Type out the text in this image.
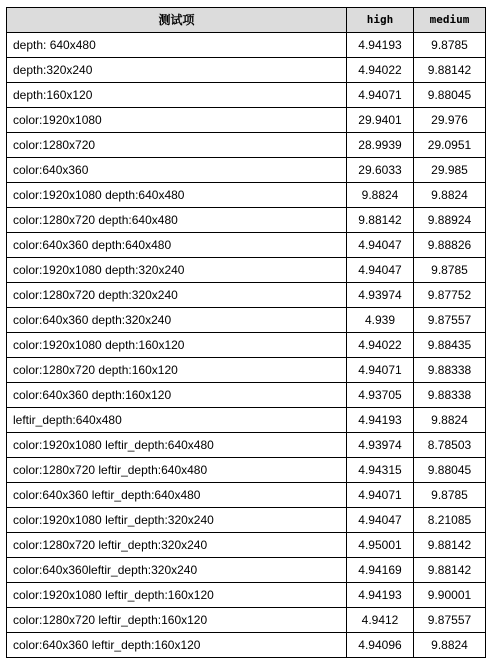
测试项	high	medium
depth: 640x480	4.94193	9.8785
depth:320x240	4.94022	9.88142
depth:160x120	4.94071	9.88045
color:1920x1080	29.9401	29.976
color:1280x720	28.9939	29.0951
color:640x360	29.6033	29.985
color:1920x1080 depth:640x480	9.8824	9.8824
color:1280x720 depth:640x480	9.88142	9.88924
color:640x360 depth:640x480	4.94047	9.88826
color:1920x1080 depth:320x240	4.94047	9.8785
color:1280x720 depth:320x240	4.93974	9.87752
color:640x360 depth:320x240	4.939	9.87557
color:1920x1080 depth:160x120	4.94022	9.88435
color:1280x720 depth:160x120	4.94071	9.88338
color:640x360 depth:160x120	4.93705	9.88338
leftir_depth:640x480	4.94193	9.8824
color:1920x1080 leftir_depth:640x480	4.93974	8.78503
color:1280x720 leftir_depth:640x480	4.94315	9.88045
color:640x360 leftir_depth:640x480	4.94071	9.8785
color:1920x1080 leftir_depth:320x240	4.94047	8.21085
color:1280x720 leftir_depth:320x240	4.95001	9.88142
color:640x360leftir_depth:320x240	4.94169	9.88142
color:1920x1080 leftir_depth:160x120	4.94193	9.90001
color:1280x720 leftir_depth:160x120	4.9412	9.87557
color:640x360 leftir_depth:160x120	4.94096	9.8824
